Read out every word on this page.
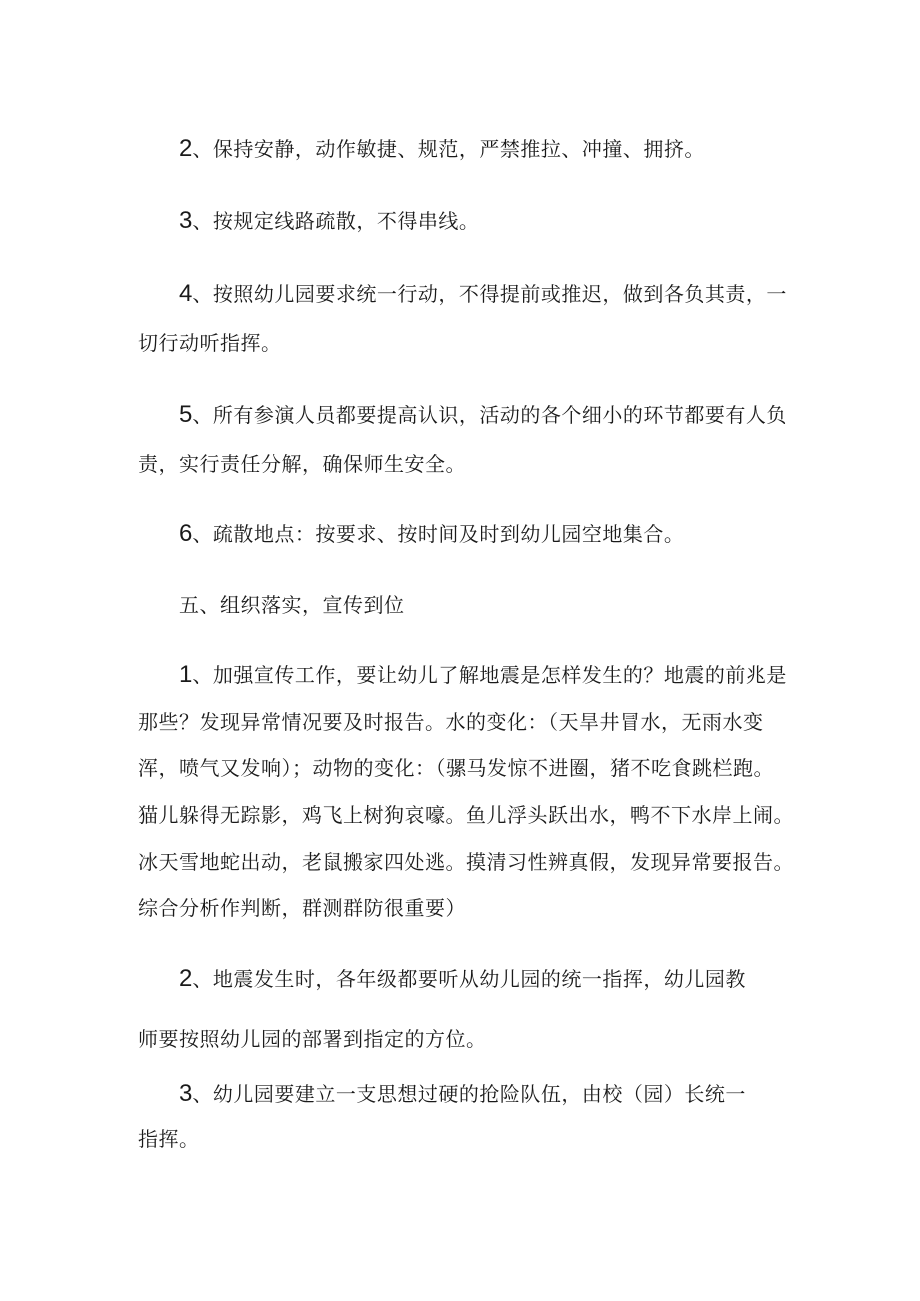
2、保持安静，动作敏捷、规范，严禁推拉、冲撞、拥挤。
3、按规定线路疏散，不得串线。
4、按照幼儿园要求统一行动，不得提前或推迟，做到各负其责，一
切行动听指挥。
5、所有参演人员都要提高认识，活动的各个细小的环节都要有人负
责，实行责任分解，确保师生安全。
6、疏散地点：按要求、按时间及时到幼儿园空地集合。
五、组织落实，宣传到位
1、加强宣传工作，要让幼儿了解地震是怎样发生的？地震的前兆是
那些？发现异常情况要及时报告。水的变化：（天旱井冒水，无雨水变
浑，喷气又发响）；动物的变化：（骡马发惊不进圈，猪不吃食跳栏跑。
猫儿躲得无踪影，鸡飞上树狗哀嚎。鱼儿浮头跃出水，鸭不下水岸上闹。
冰天雪地蛇出动，老鼠搬家四处逃。摸清习性辨真假，发现异常要报告。
综合分析作判断，群测群防很重要）
2、地震发生时，各年级都要听从幼儿园的统一指挥，幼儿园教
师要按照幼儿园的部署到指定的方位。
3、幼儿园要建立一支思想过硬的抢险队伍，由校（园）长统一
指挥。
